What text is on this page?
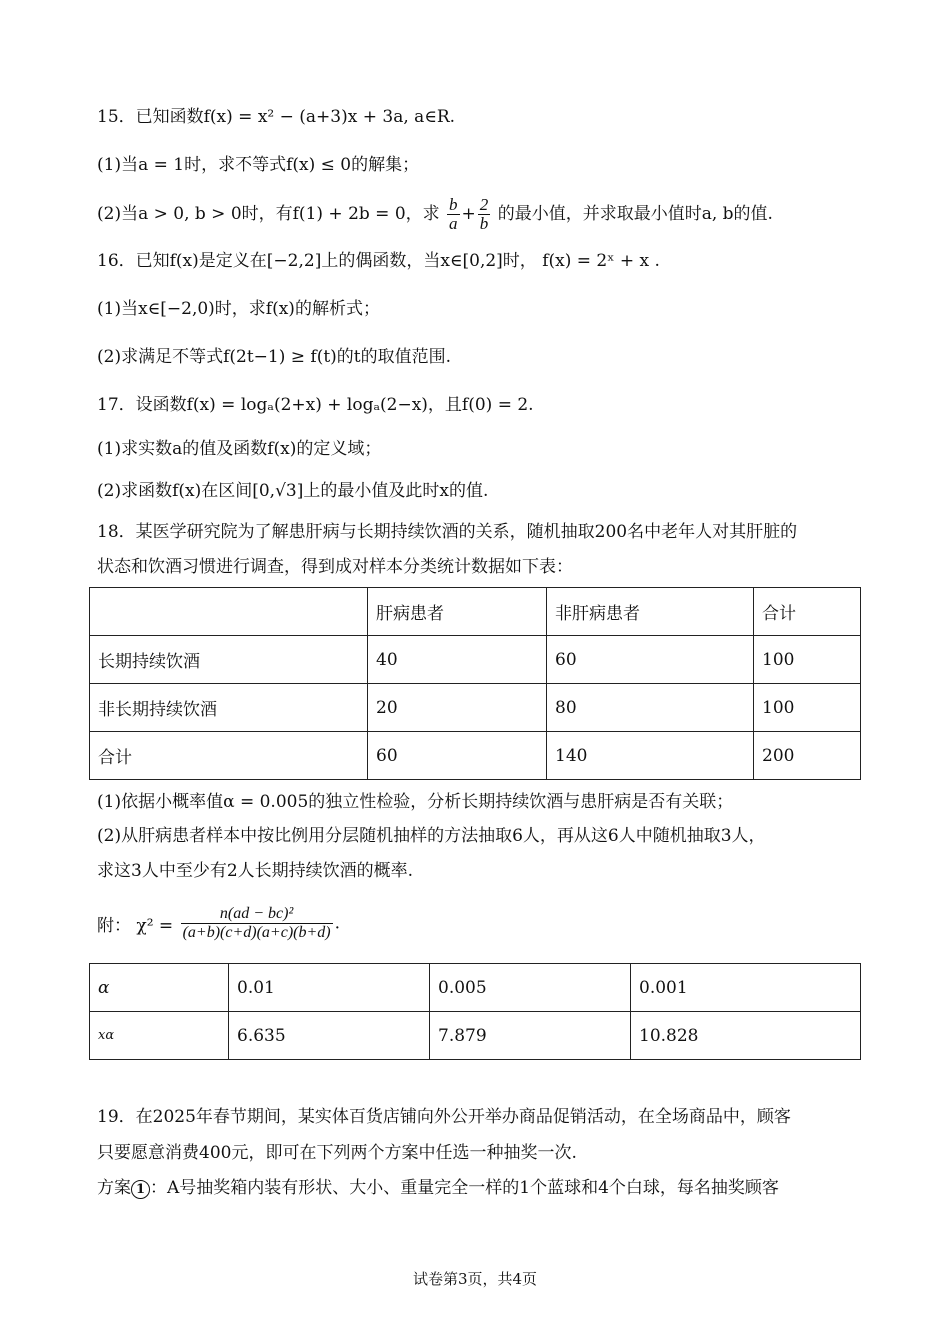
15．已知函数f(x) = x² − (a+3)x + 3a, a∈R.
(1)当a = 1时，求不等式f(x) ≤ 0的解集；
(2)当a > 0, b > 0时，有f(1) + 2b = 0，求 $\frac{b}{a} + \frac{2}{b}$ 的最小值，并求取最小值时a, b的值.
16．已知f(x)是定义在[−2,2]上的偶函数，当x∈[0,2]时， f(x) = 2ˣ + x .
(1)当x∈[−2,0)时，求f(x)的解析式；
(2)求满足不等式f(2t−1) ≥ f(t)的t的取值范围.
17．设函数f(x) = logₐ(2+x) + logₐ(2−x)，且f(0) = 2.
(1)求实数a的值及函数f(x)的定义域；
(2)求函数f(x)在区间[0,√3]上的最小值及此时x的值.
18．某医学研究院为了解患肝病与长期持续饮酒的关系，随机抽取200名中老年人对其肝脏的
状态和饮酒习惯进行调查，得到成对样本分类统计数据如下表：
	肝病患者	非肝病患者	合计
长期持续饮酒	40	60	100
非长期持续饮酒	20	80	100
合计	60	140	200
(1)依据小概率值α = 0.005的独立性检验，分析长期持续饮酒与患肝病是否有关联；
(2)从肝病患者样本中按比例用分层随机抽样的方法抽取6人，再从这6人中随机抽取3人，
求这3人中至少有2人长期持续饮酒的概率.
附： $\chi^2 = \frac{\text{n(ad − bc)²}}{(a+b)(c+d)(a+c)(b+d)}$ .
α	0.01	0.005	0.001
xα	6.635	7.879	10.828
19．在2025年春节期间，某实体百货店铺向外公开举办商品促销活动，在全场商品中，顾客
只要愿意消费400元，即可在下列两个方案中任选一种抽奖一次.
方案 1 ：A号抽奖箱内装有形状、大小、重量完全一样的1个蓝球和4个白球，每名抽奖顾客
试卷第3页，共4页
